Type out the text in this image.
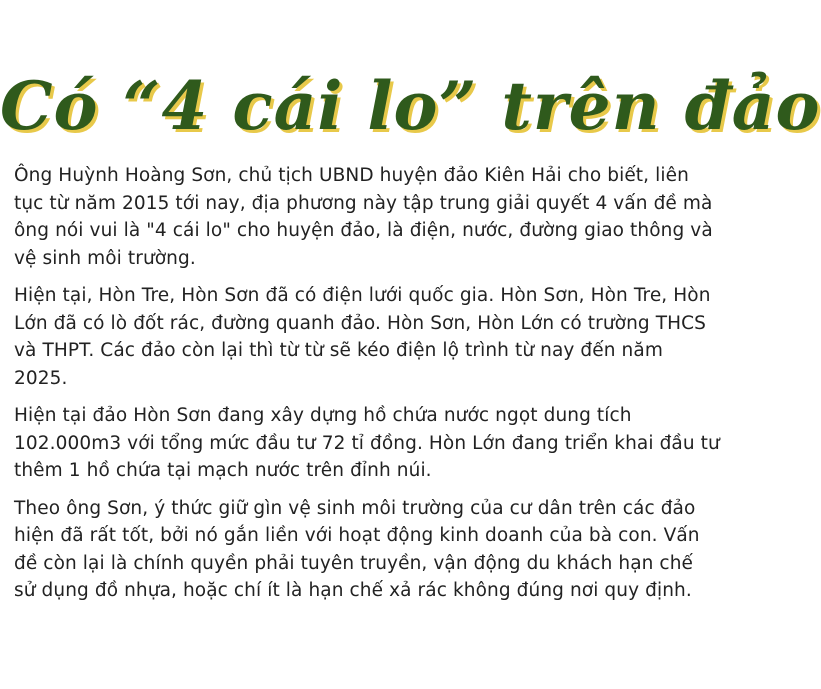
Có “4 cái lo” trên đảo

Ông Huỳnh Hoàng Sơn, chủ tịch UBND huyện đảo Kiên Hải cho biết, liên tục từ năm 2015 tới nay, địa phương này tập trung giải quyết 4 vấn đề mà ông nói vui là "4 cái lo" cho huyện đảo, là điện, nước, đường giao thông và vệ sinh môi trường.

Hiện tại, Hòn Tre, Hòn Sơn đã có điện lưới quốc gia. Hòn Sơn, Hòn Tre, Hòn Lớn đã có lò đốt rác, đường quanh đảo. Hòn Sơn, Hòn Lớn có trường THCS và THPT. Các đảo còn lại thì từ từ sẽ kéo điện lộ trình từ nay đến năm 2025.

Hiện tại đảo Hòn Sơn đang xây dựng hồ chứa nước ngọt dung tích 102.000m3 với tổng mức đầu tư 72 tỉ đồng. Hòn Lớn đang triển khai đầu tư thêm 1 hồ chứa tại mạch nước trên đỉnh núi.

Theo ông Sơn, ý thức giữ gìn vệ sinh môi trường của cư dân trên các đảo hiện đã rất tốt, bởi nó gắn liền với hoạt động kinh doanh của bà con. Vấn đề còn lại là chính quyền phải tuyên truyền, vận động du khách hạn chế sử dụng đồ nhựa, hoặc chí ít là hạn chế xả rác không đúng nơi quy định.
